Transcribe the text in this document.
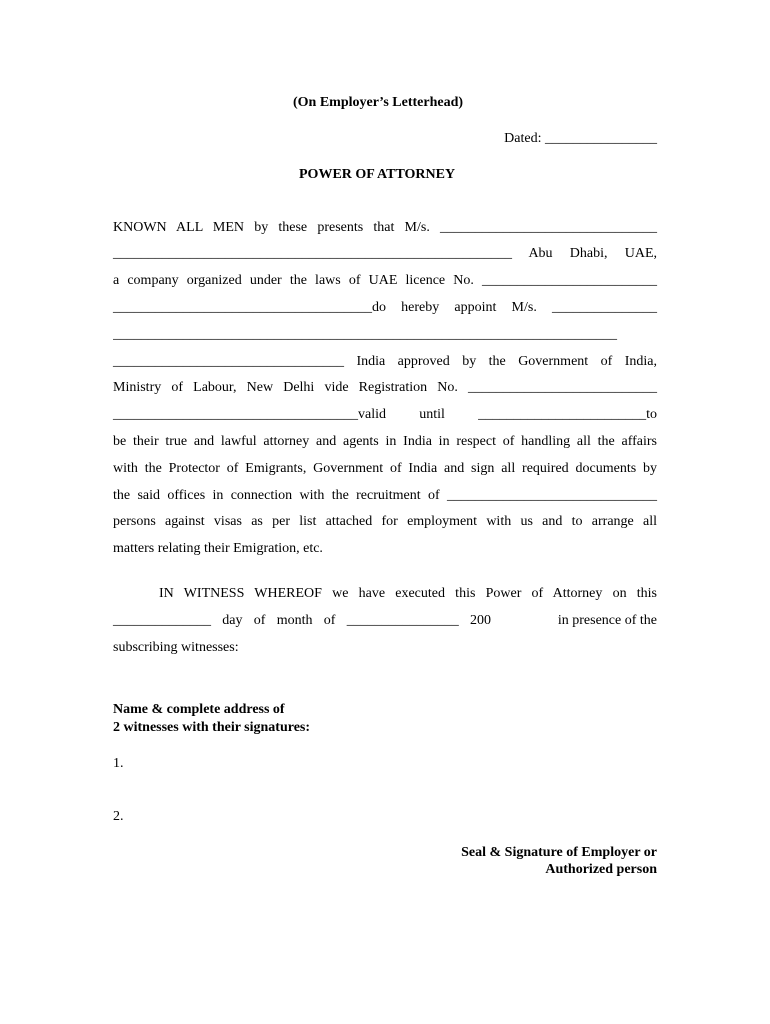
(On Employer’s Letterhead)
Dated: ________________
POWER OF ATTORNEY
KNOWN ALL MEN by these presents that M/s. _______________________________
_________________________________________________________ Abu Dhabi, UAE,
a company organized under the laws of UAE licence No. _________________________
_____________________________________do hereby appoint M/s. _______________
________________________________________________________________________
_________________________________ India approved by the Government of India,
Ministry of Labour, New Delhi vide Registration No. ___________________________
___________________________________valid until ________________________to
be their true and lawful attorney and agents in India in respect of handling all the affairs
with the Protector of Emigrants, Government of India and sign all required documents by
the said offices in connection with the recruitment of ______________________________
persons against visas as per list attached for employment with us and to arrange all
matters relating their Emigration, etc.
IN WITNESS WHEREOF we have executed this Power of Attorney on this
______________ day of month of ________________ 200	in presence of the
subscribing witnesses:
Name & complete address of
2 witnesses with their signatures:
1.
2.
Seal & Signature of Employer or
Authorized person
